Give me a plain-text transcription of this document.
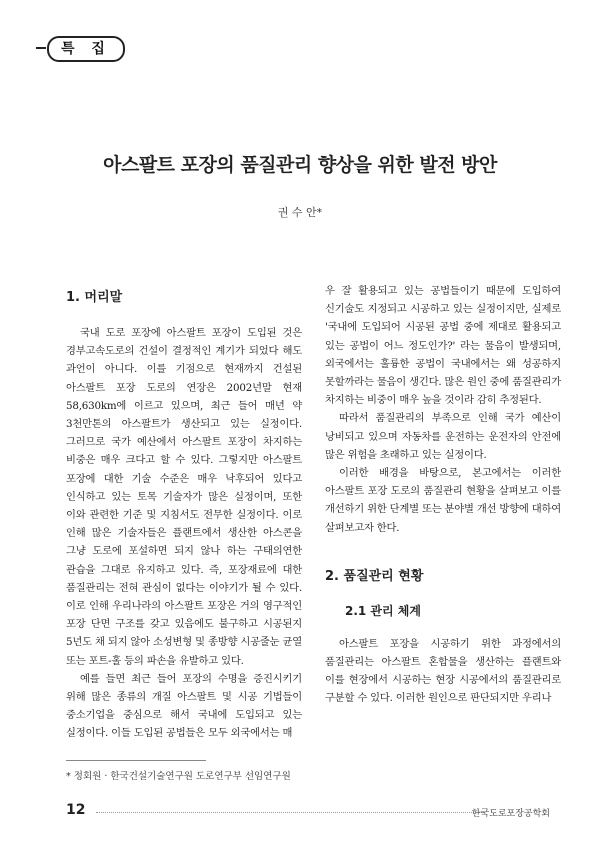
특 집
아스팔트 포장의 품질관리 향상을 위한 발전 방안
권 수 안*
1. 머리말

국내 도로 포장에 아스팔트 포장이 도입된 것은 경부고속도로의 건설이 결정적인 계기가 되었다 해도 과언이 아니다. 이를 기점으로 현재까지 건설된 아스팔트 포장 도로의 연장은 2002년말 현재 58,630km에 이르고 있으며, 최근 들어 매년 약 3천만톤의 아스팔트가 생산되고 있는 실정이다. 그러므로 국가 예산에서 아스팔트 포장이 차지하는 비중은 매우 크다고 할 수 있다. 그렇지만 아스팔트 포장에 대한 기술 수준은 매우 낙후되어 있다고 인식하고 있는 토목 기술자가 많은 실정이며, 또한 이와 관련한 기준 및 지침서도 전무한 실정이다. 이로 인해 많은 기술자들은 플랜트에서 생산한 아스콘을 그냥 도로에 포설하면 되지 않나 하는 구태의연한 관습을 그대로 유지하고 있다. 즉, 포장재료에 대한 품질관리는 전혀 관심이 없다는 이야기가 될 수 있다. 이로 인해 우리나라의 아스팔트 포장은 거의 영구적인 포장 단면 구조를 갖고 있음에도 불구하고 시공된지 5년도 채 되지 않아 소성변형 및 종방향 시공줄눈 균열 또는 포트-홀 등의 파손을 유발하고 있다.

예를 들면 최근 들어 포장의 수명을 증진시키기 위해 많은 종류의 개질 아스팔트 및 시공 기법들이 중소기업을 중심으로 해서 국내에 도입되고 있는 실정이다. 이들 도입된 공법들은 모두 외국에서는 매

우 잘 활용되고 있는 공법들이기 때문에 도입하여 신기술도 지정되고 시공하고 있는 실정이지만, 실제로 '국내에 도입되어 시공된 공법 중에 제대로 활용되고 있는 공법이 어느 정도인가?' 라는 물음이 발생되며, 외국에서는 훌륭한 공법이 국내에서는 왜 성공하지 못할까라는 물음이 생긴다. 많은 원인 중에 품질관리가 차지하는 비중이 매우 높을 것이라 감히 추정된다.

따라서 품질관리의 부족으로 인해 국가 예산이 낭비되고 있으며 자동차를 운전하는 운전자의 안전에 많은 위험을 초래하고 있는 실정이다.

이러한 배경을 바탕으로, 본고에서는 이러한 아스팔트 포장 도로의 품질관리 현황을 살펴보고 이를 개선하기 위한 단계별 또는 분야별 개선 방향에 대하여 살펴보고자 한다.

2. 품질관리 현황
2.1 관리 체계

아스팔트 포장을 시공하기 위한 과정에서의 품질관리는 아스팔트 혼합물을 생산하는 플랜트와 이를 현장에서 시공하는 현장 시공에서의 품질관리로 구분할 수 있다. 이러한 원인으로 판단되지만 우리나

* 정회원 · 한국건설기술연구원 도로연구부 선임연구원
12	한국도로포장공학회
